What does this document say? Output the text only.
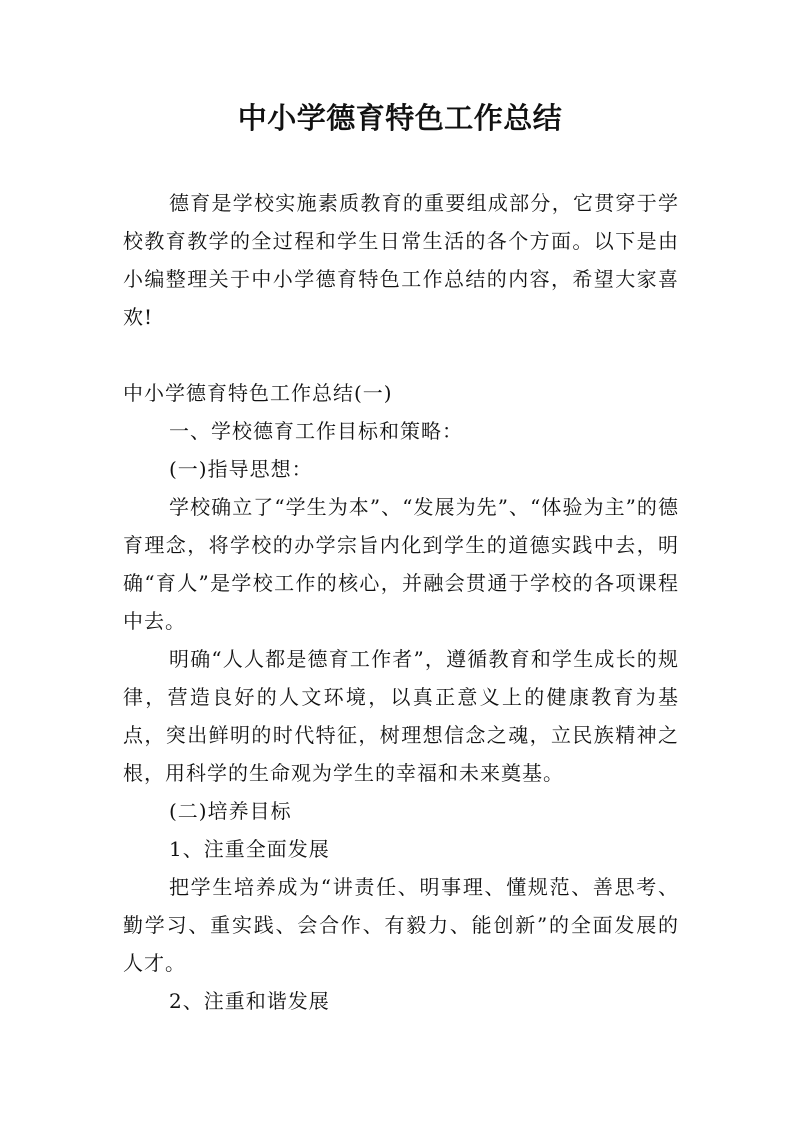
中小学德育特色工作总结

德育是学校实施素质教育的重要组成部分，它贯穿于学校教育教学的全过程和学生日常生活的各个方面。以下是由小编整理关于中小学德育特色工作总结的内容，希望大家喜欢!

中小学德育特色工作总结(一)

一、学校德育工作目标和策略：

(一)指导思想：

学校确立了“学生为本”、“发展为先”、“体验为主”的德育理念，将学校的办学宗旨内化到学生的道德实践中去，明确“育人”是学校工作的核心，并融会贯通于学校的各项课程中去。

明确“人人都是德育工作者”，遵循教育和学生成长的规律，营造良好的人文环境，以真正意义上的健康教育为基点，突出鲜明的时代特征，树理想信念之魂，立民族精神之根，用科学的生命观为学生的幸福和未来奠基。

(二)培养目标

1、注重全面发展

把学生培养成为“讲责任、明事理、懂规范、善思考、勤学习、重实践、会合作、有毅力、能创新”的全面发展的人才。

2、注重和谐发展
